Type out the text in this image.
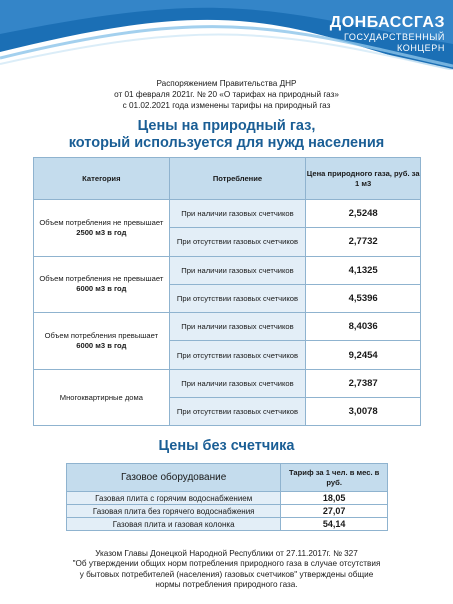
ДОНБАССГАЗ
ГОСУДАРСТВЕННЫЙ
КОНЦЕРН
Распоряжением Правительства ДНР
от 01 февраля 2021г. № 20 «О тарифах на природный газ»
с 01.02.2021 года изменены тарифы на природный газ
Цены на природный газ,
который используется для нужд населения
Категория	Потребление	Цена природного газа, руб. за 1 м3
Объем потребления не превышает
2500 м3 в год	При наличии газовых счетчиков	2,5248
	При отсутствии газовых счетчиков	2,7732
Объем потребления не превышает
6000 м3 в год	При наличии газовых счетчиков	4,1325
	При отсутствии газовых счетчиков	4,5396
Объем потребления превышает
6000 м3 в год	При наличии газовых счетчиков	8,4036
	При отсутствии газовых счетчиков	9,2454
Многоквартирные дома	При наличии газовых счетчиков	2,7387
	При отсутствии газовых счетчиков	3,0078
Цены без счетчика
Газовое оборудование	Тариф за 1 чел. в мес. в руб.
Газовая плита с горячим водоснабжением	18,05
Газовая плита без горячего водоснабжения	27,07
Газовая плита и газовая колонка	54,14
Указом Главы Донецкой Народной Республики от 27.11.2017г. № 327
"Об утверждении общих норм потребления природного газа в случае отсутствия
у бытовых потребителей (населения) газовых счетчиков" утверждены общие
нормы потребления природного газа.
